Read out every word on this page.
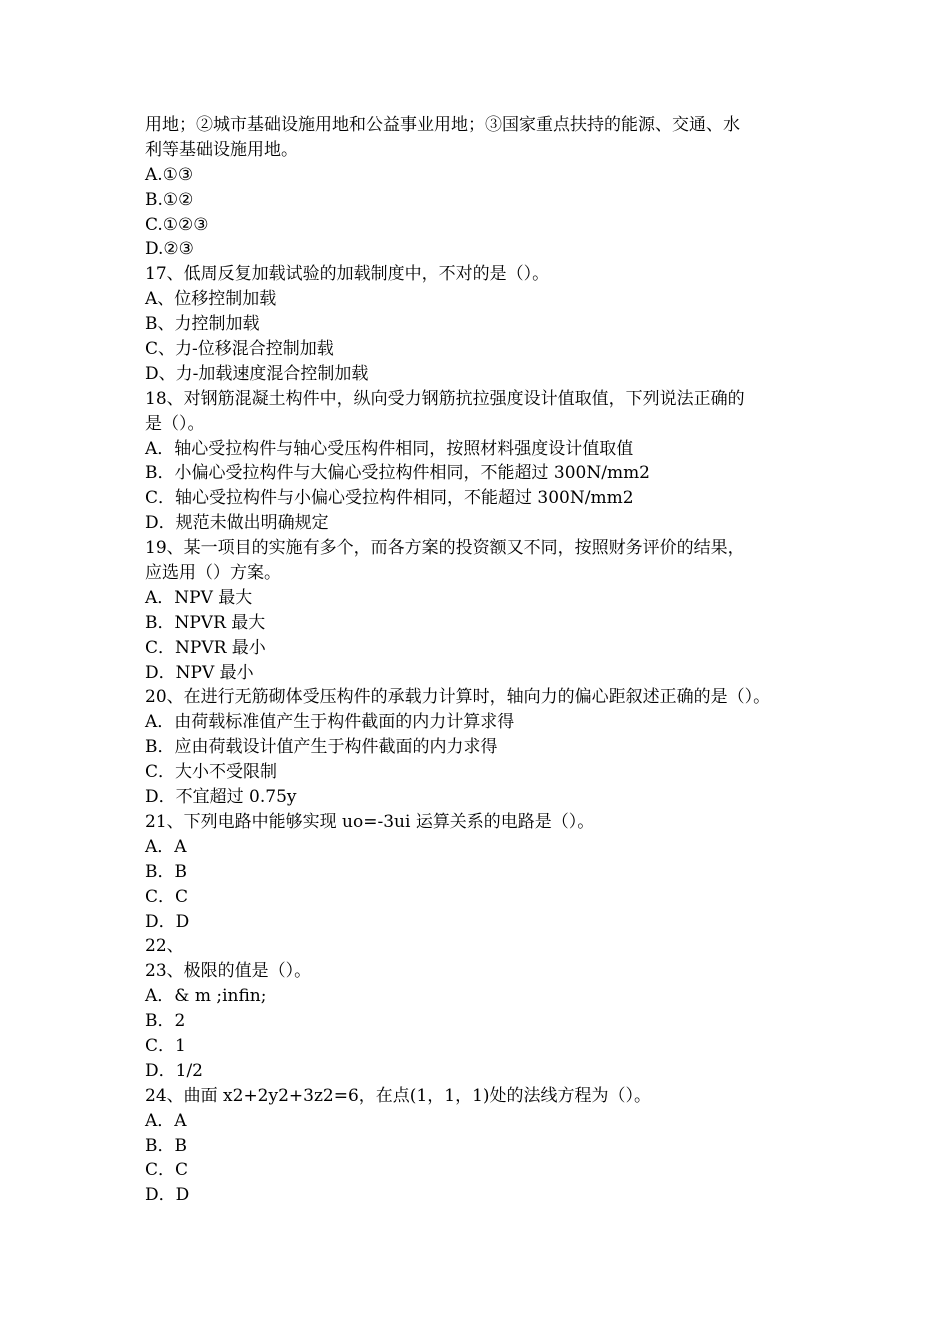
用地；②城市基础设施用地和公益事业用地；③国家重点扶持的能源、交通、水
利等基础设施用地。
A.①③
B.①②
C.①②③
D.②③
17、低周反复加载试验的加载制度中，不对的是（）。
A、位移控制加载
B、力控制加载
C、力-位移混合控制加载
D、力-加载速度混合控制加载
18、对钢筋混凝土构件中，纵向受力钢筋抗拉强度设计值取值，下列说法正确的
是（）。
A．轴心受拉构件与轴心受压构件相同，按照材料强度设计值取值
B．小偏心受拉构件与大偏心受拉构件相同，不能超过 300N/mm2
C．轴心受拉构件与小偏心受拉构件相同，不能超过 300N/mm2
D．规范未做出明确规定
19、某一项目的实施有多个，而各方案的投资额又不同，按照财务评价的结果，
应选用（）方案。
A．NPV 最大
B．NPVR 最大
C．NPVR 最小
D．NPV 最小
20、在进行无筋砌体受压构件的承载力计算时，轴向力的偏心距叙述正确的是（）。
A．由荷载标准值产生于构件截面的内力计算求得
B．应由荷载设计值产生于构件截面的内力求得
C．大小不受限制
D．不宜超过 0.75y
21、下列电路中能够实现 uo=-3ui 运算关系的电路是（）。
A．A
B．B
C．C
D．D
22、
23、极限的值是（）。
A．& m ;infin;
B．2
C．1
D．1/2
24、曲面 x2+2y2+3z2=6，在点(1，1，1)处的法线方程为（）。
A．A
B．B
C．C
D．D
